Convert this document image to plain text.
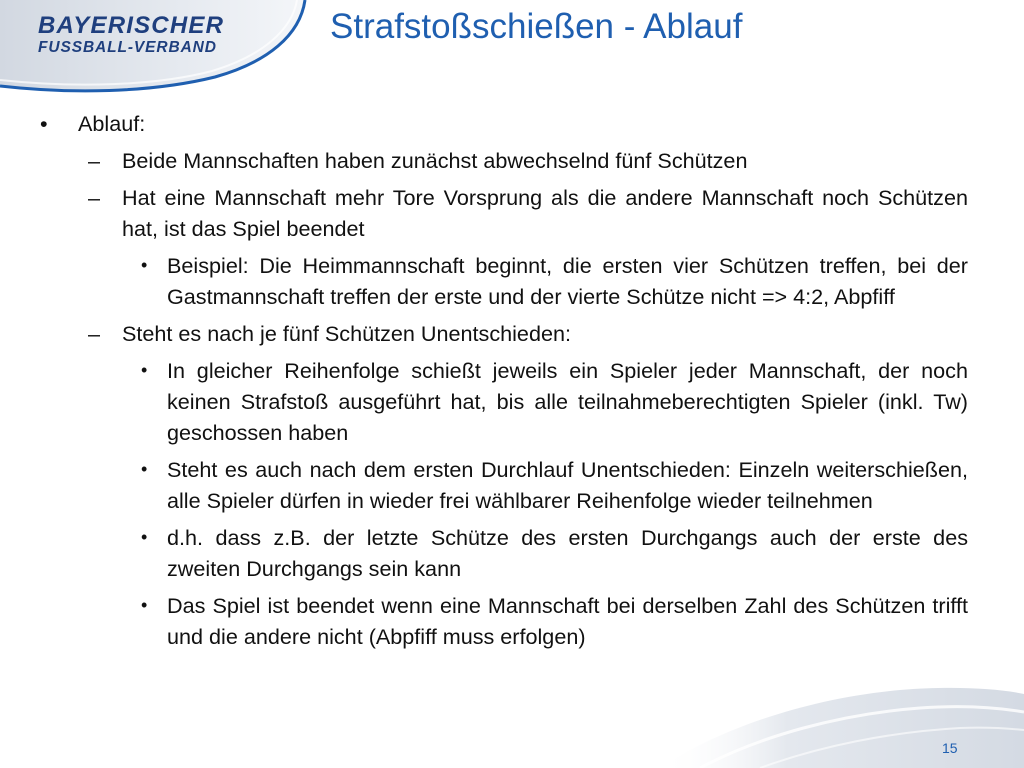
BAYERISCHER
FUSSBALL-VERBAND
Strafstoßschießen - Ablauf
• Ablauf:
– Beide Mannschaften haben zunächst abwechselnd fünf Schützen
– Hat eine Mannschaft mehr Tore Vorsprung als die andere Mannschaft noch Schützen hat, ist das Spiel beendet
• Beispiel: Die Heimmannschaft beginnt, die ersten vier Schützen treffen, bei der Gastmannschaft treffen der erste und der vierte Schütze nicht => 4:2, Abpfiff
– Steht es nach je fünf Schützen Unentschieden:
• In gleicher Reihenfolge schießt jeweils ein Spieler jeder Mannschaft, der noch keinen Strafstoß ausgeführt hat, bis alle teilnahmeberechtigten Spieler (inkl. Tw) geschossen haben
• Steht es auch nach dem ersten Durchlauf Unentschieden: Einzeln weiterschießen, alle Spieler dürfen in wieder frei wählbarer Reihenfolge wieder teilnehmen
• d.h. dass z.B. der letzte Schütze des ersten Durchgangs auch der erste des zweiten Durchgangs sein kann
• Das Spiel ist beendet wenn eine Mannschaft bei derselben Zahl des Schützen trifft und die andere nicht (Abpfiff muss erfolgen)
15
